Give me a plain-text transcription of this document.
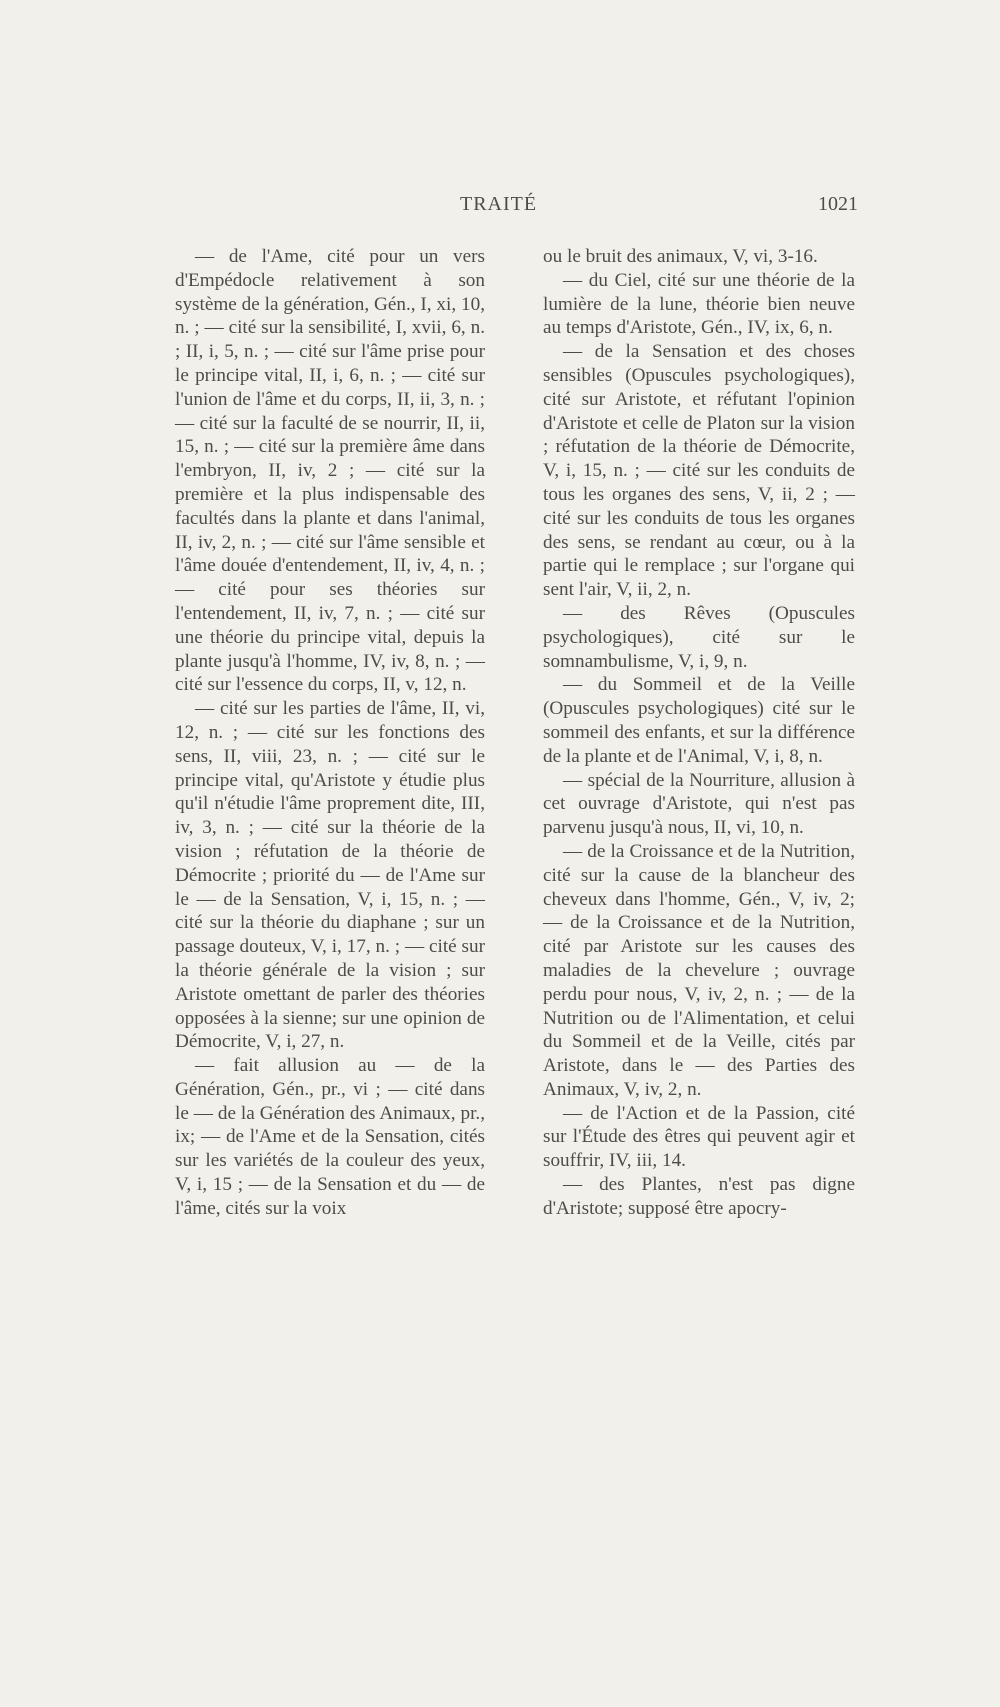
TRAITÉ	1021

— de l'Ame, cité pour un vers d'Empédocle relativement à son système de la génération, Gén., I, xi, 10, n. ; — cité sur la sensibilité, I, xvii, 6, n. ; II, i, 5, n. ; — cité sur l'âme prise pour le principe vital, II, i, 6, n. ; — cité sur l'union de l'âme et du corps, II, ii, 3, n. ; — cité sur la faculté de se nourrir, II, ii, 15, n. ; — cité sur la première âme dans l'embryon, II, iv, 2 ; — cité sur la première et la plus indispensable des facultés dans la plante et dans l'animal, II, iv, 2, n. ; — cité sur l'âme sensible et l'âme douée d'entendement, II, iv, 4, n. ; — cité pour ses théories sur l'entendement, II, iv, 7, n. ; — cité sur une théorie du principe vital, depuis la plante jusqu'à l'homme, IV, iv, 8, n. ; — cité sur l'essence du corps, II, v, 12, n.

— cité sur les parties de l'âme, II, vi, 12, n. ; — cité sur les fonctions des sens, II, viii, 23, n. ; — cité sur le principe vital, qu'Aristote y étudie plus qu'il n'étudie l'âme proprement dite, III, iv, 3, n. ; — cité sur la théorie de la vision ; réfutation de la théorie de Démocrite ; priorité du — de l'Ame sur le — de la Sensation, V, i, 15, n. ; — cité sur la théorie du diaphane ; sur un passage douteux, V, i, 17, n. ; — cité sur la théorie générale de la vision ; sur Aristote omettant de parler des théories opposées à la sienne; sur une opinion de Démocrite, V, i, 27, n.

— fait allusion au — de la Génération, Gén., pr., vi ; — cité dans le — de la Génération des Animaux, pr., ix; — de l'Ame et de la Sensation, cités sur les variétés de la couleur des yeux, V, i, 15 ; — de la Sensation et du — de l'âme, cités sur la voix

ou le bruit des animaux, V, vi, 3-16.

— du Ciel, cité sur une théorie de la lumière de la lune, théorie bien neuve au temps d'Aristote, Gén., IV, ix, 6, n.

— de la Sensation et des choses sensibles (Opuscules psychologiques), cité sur Aristote, et réfutant l'opinion d'Aristote et celle de Platon sur la vision ; réfutation de la théorie de Démocrite, V, i, 15, n. ; — cité sur les conduits de tous les organes des sens, V, ii, 2 ; — cité sur les conduits de tous les organes des sens, se rendant au cœur, ou à la partie qui le remplace ; sur l'organe qui sent l'air, V, ii, 2, n.

— des Rêves (Opuscules psychologiques), cité sur le somnambulisme, V, i, 9, n.

— du Sommeil et de la Veille (Opuscules psychologiques) cité sur le sommeil des enfants, et sur la différence de la plante et de l'Animal, V, i, 8, n.

— spécial de la Nourriture, allusion à cet ouvrage d'Aristote, qui n'est pas parvenu jusqu'à nous, II, vi, 10, n.

— de la Croissance et de la Nutrition, cité sur la cause de la blancheur des cheveux dans l'homme, Gén., V, iv, 2; — de la Croissance et de la Nutrition, cité par Aristote sur les causes des maladies de la chevelure ; ouvrage perdu pour nous, V, iv, 2, n. ; — de la Nutrition ou de l'Alimentation, et celui du Sommeil et de la Veille, cités par Aristote, dans le — des Parties des Animaux, V, iv, 2, n.

— de l'Action et de la Passion, cité sur l'Étude des êtres qui peuvent agir et souffrir, IV, iii, 14.

— des Plantes, n'est pas digne d'Aristote; supposé être apocry-
